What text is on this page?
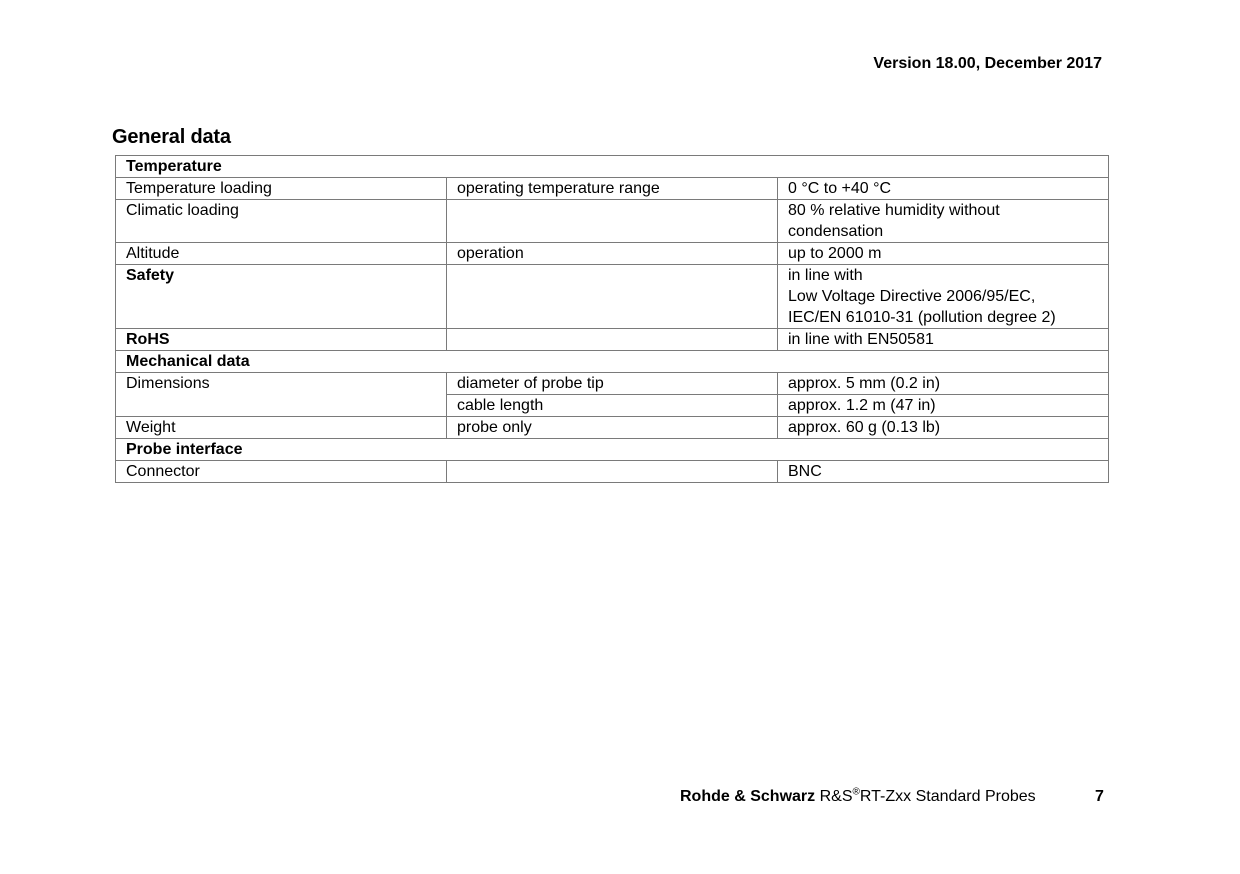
Version 18.00, December 2017
General data
Temperature		
Temperature loading	operating temperature range	0 °C to +40 °C
Climatic loading		80 % relative humidity without condensation
Altitude	operation	up to 2000 m
Safety		in line with
Low Voltage Directive 2006/95/EC,
IEC/EN 61010-31 (pollution degree 2)

RoHS		in line with EN50581
Mechanical data		
Dimensions	diameter of probe tip	approx. 5 mm (0.2 in)
	cable length	approx. 1.2 m (47 in)
Weight	probe only	approx. 60 g (0.13 lb)
Probe interface		
Connector		BNC
Rohde & Schwarz R&S®RT-Zxx Standard Probes	7
